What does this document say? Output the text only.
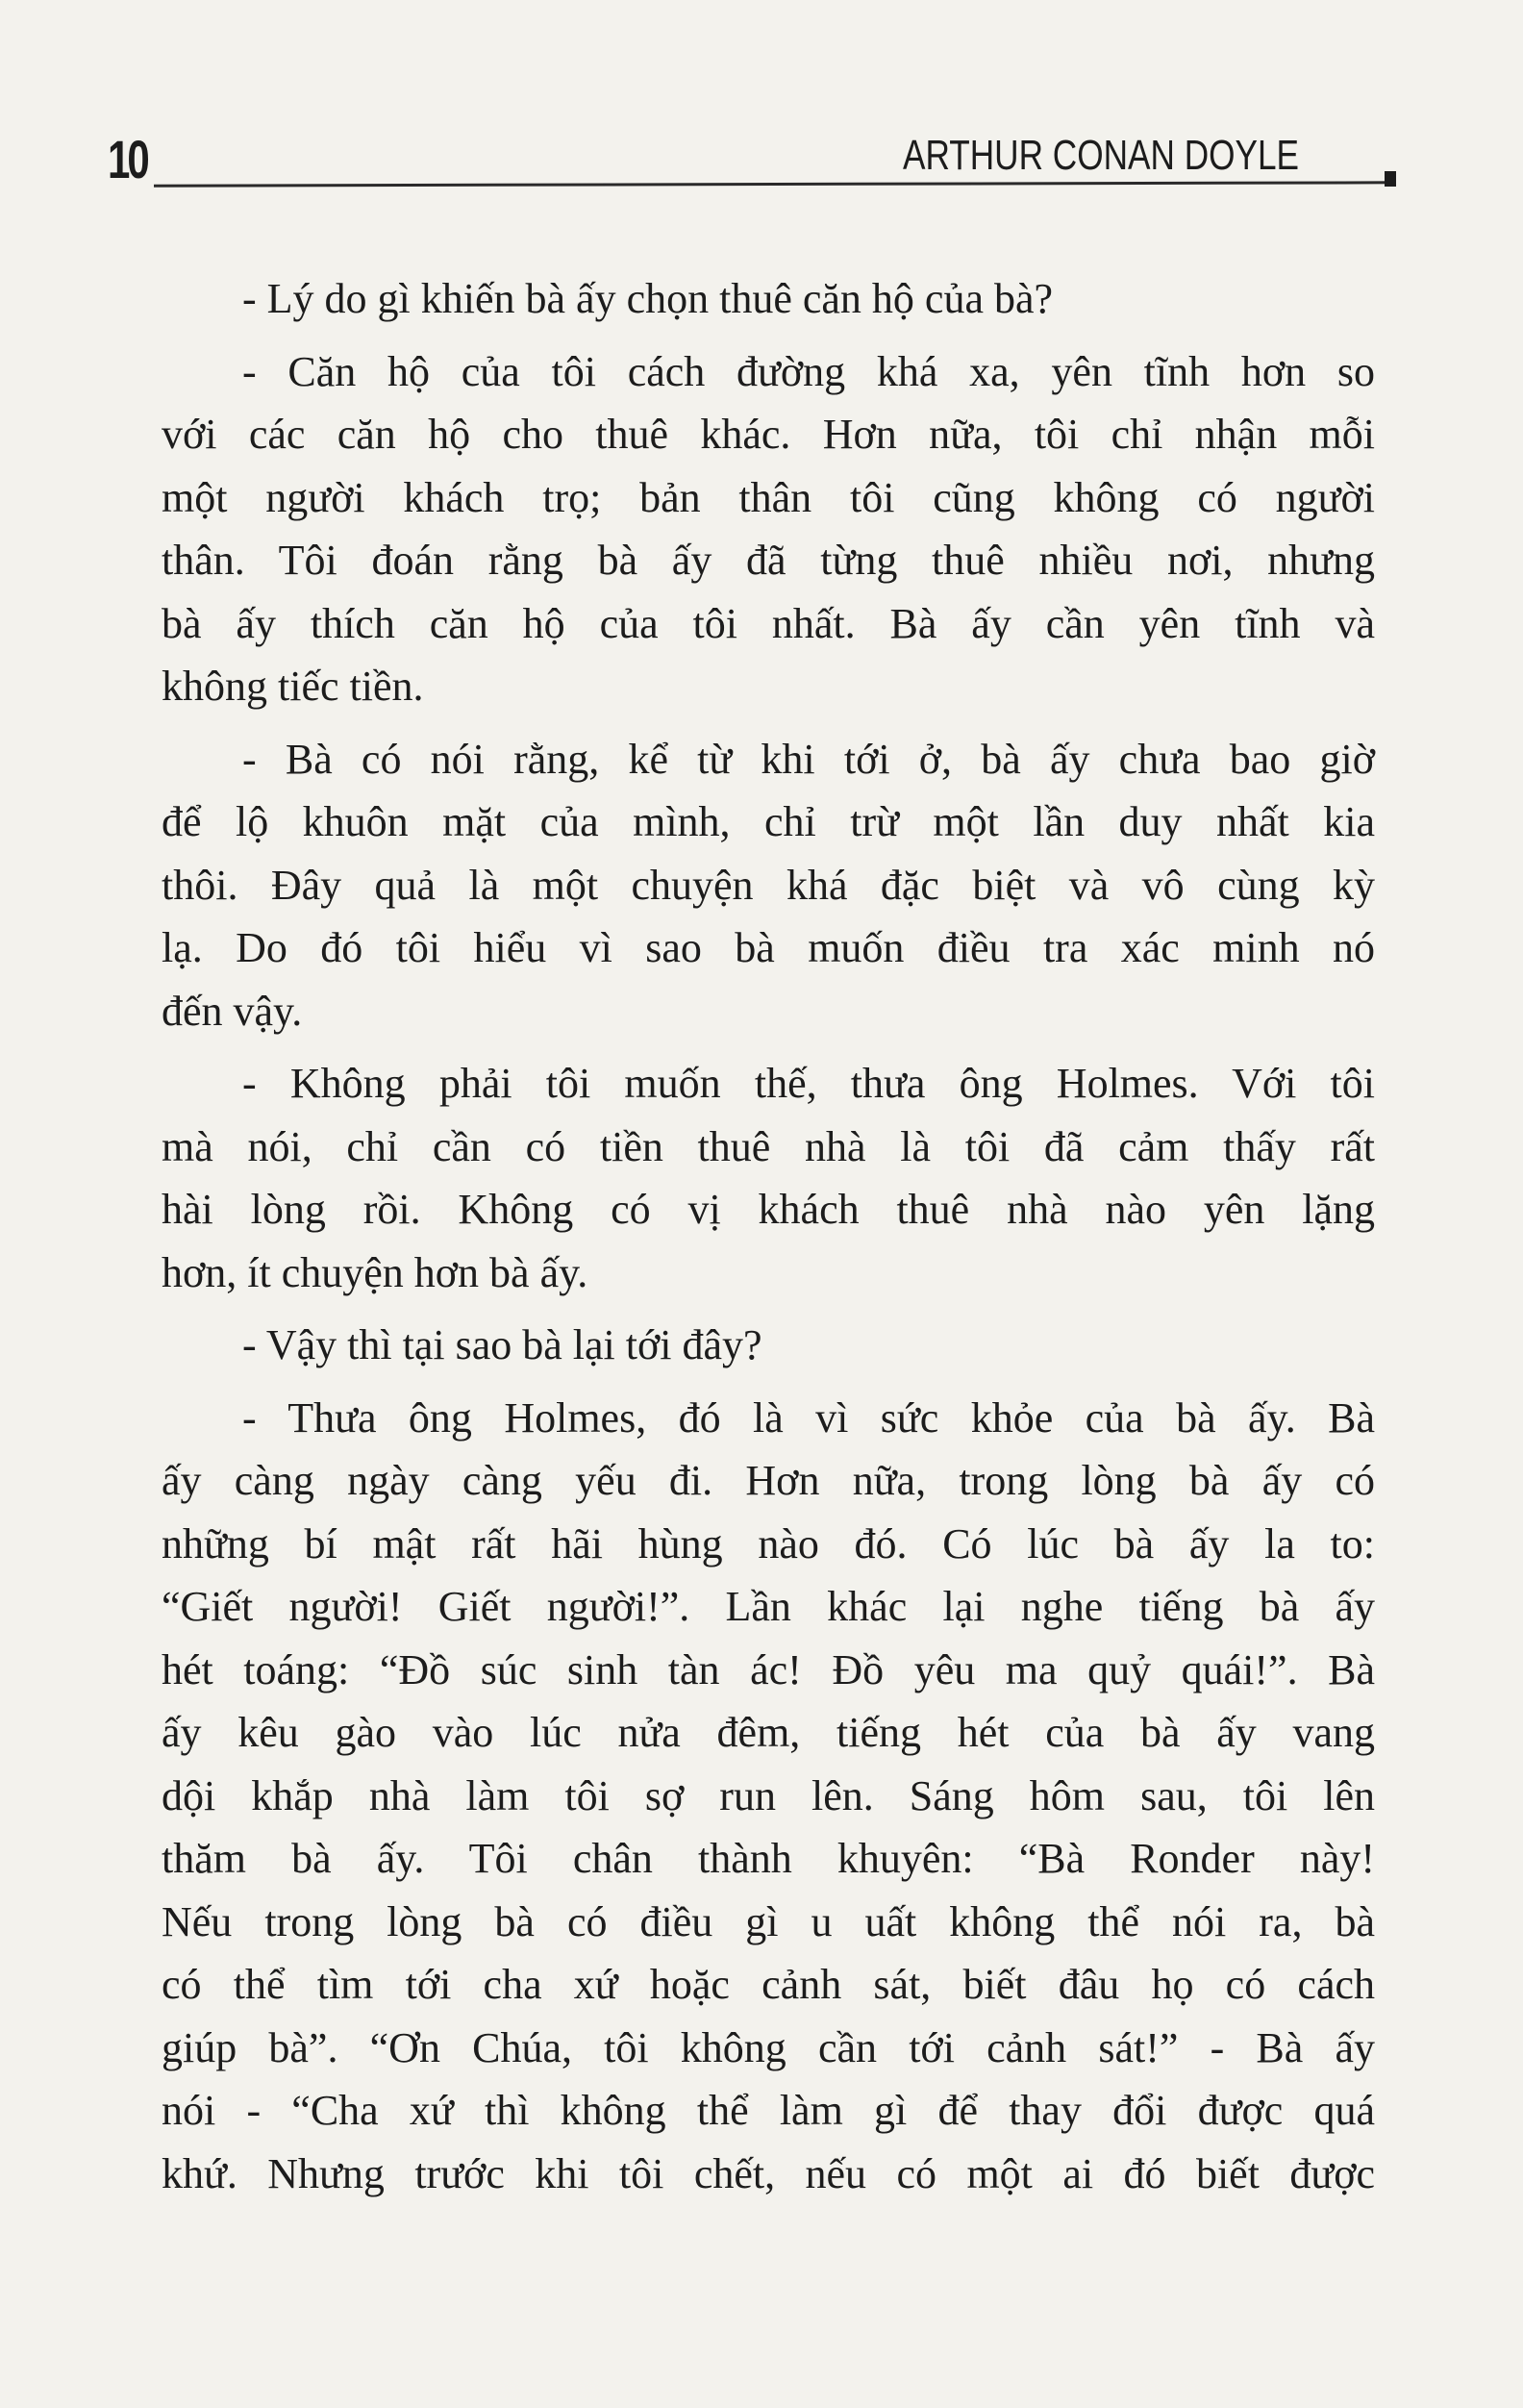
10	ARTHUR CONAN DOYLE
- Lý do gì khiến bà ấy chọn thuê căn hộ của bà?
- Căn hộ của tôi cách đường khá xa, yên tĩnh hơn so
với các căn hộ cho thuê khác. Hơn nữa, tôi chỉ nhận mỗi
một người khách trọ; bản thân tôi cũng không có người
thân. Tôi đoán rằng bà ấy đã từng thuê nhiều nơi, nhưng
bà ấy thích căn hộ của tôi nhất. Bà ấy cần yên tĩnh và
không tiếc tiền.
- Bà có nói rằng, kể từ khi tới ở, bà ấy chưa bao giờ
để lộ khuôn mặt của mình, chỉ trừ một lần duy nhất kia
thôi. Đây quả là một chuyện khá đặc biệt và vô cùng kỳ
lạ. Do đó tôi hiểu vì sao bà muốn điều tra xác minh nó
đến vậy.
- Không phải tôi muốn thế, thưa ông Holmes. Với tôi
mà nói, chỉ cần có tiền thuê nhà là tôi đã cảm thấy rất
hài lòng rồi. Không có vị khách thuê nhà nào yên lặng
hơn, ít chuyện hơn bà ấy.
- Vậy thì tại sao bà lại tới đây?
- Thưa ông Holmes, đó là vì sức khỏe của bà ấy. Bà
ấy càng ngày càng yếu đi. Hơn nữa, trong lòng bà ấy có
những bí mật rất hãi hùng nào đó. Có lúc bà ấy la to:
“Giết người! Giết người!”. Lần khác lại nghe tiếng bà ấy
hét toáng: “Đồ súc sinh tàn ác! Đồ yêu ma quỷ quái!”. Bà
ấy kêu gào vào lúc nửa đêm, tiếng hét của bà ấy vang
dội khắp nhà làm tôi sợ run lên. Sáng hôm sau, tôi lên
thăm bà ấy. Tôi chân thành khuyên: “Bà Ronder này!
Nếu trong lòng bà có điều gì u uất không thể nói ra, bà
có thể tìm tới cha xứ hoặc cảnh sát, biết đâu họ có cách
giúp bà”. “Ơn Chúa, tôi không cần tới cảnh sát!” - Bà ấy
nói - “Cha xứ thì không thể làm gì để thay đổi được quá
khứ. Nhưng trước khi tôi chết, nếu có một ai đó biết được
